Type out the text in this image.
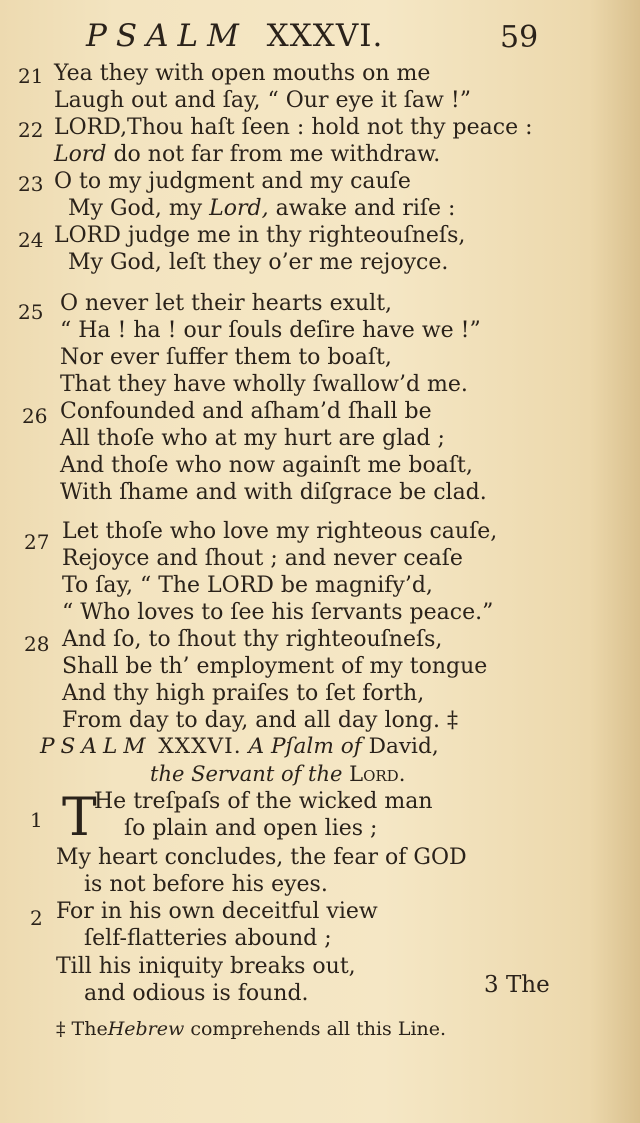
PSALM XXXVI.	59
21 Yea they with open mouths on me
Laugh out and ſay, “ Our eye it ſaw !”
22 LORD,Thou haſt ſeen : hold not thy peace :
Lord do not far from me withdraw.
23 O to my judgment and my cauſe
My God, my Lord, awake and riſe :
24 LORD judge me in thy righteouſneſs,
My God, leſt they o’er me rejoyce.
25 O never let their hearts exult,
“ Ha ! ha ! our ſouls deſire have we !”
Nor ever ſuffer them to boaſt,
That they have wholly ſwallow’d me.
26 Confounded and aſham’d ſhall be
All thoſe who at my hurt are glad ;
And thoſe who now againſt me boaſt,
With ſhame and with diſgrace be clad.
27 Let thoſe who love my righteous cauſe,
Rejoyce and ſhout ; and never ceaſe
To ſay, “ The LORD be magnify’d,
“ Who loves to ſee his ſervants peace.”
28 And ſo, to ſhout thy righteouſneſs,
Shall be th’ employment of my tongue
And thy high praiſes to ſet forth,
From day to day, and all day long. ‡
PSALM XXXVI. A Pſalm of David,
the Servant of the Lord.
1 T
He treſpaſs of the wicked man
ſo plain and open lies ;
My heart concludes, the fear of GOD
is not before his eyes.
2 For in his own deceitful view
ſelf-flatteries abound ;
Till his iniquity breaks out,
and odious is found.	3 The
‡ TheHebrew comprehends all this Line.
